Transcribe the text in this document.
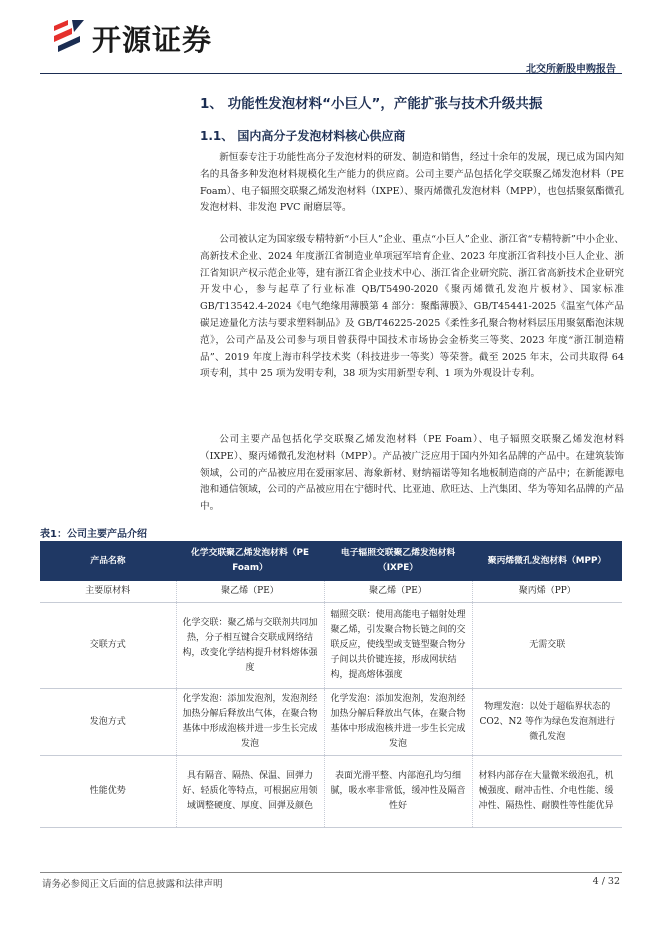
开源证券
北交所新股申购报告
1、 功能性发泡材料“小巨人”，产能扩张与技术升级共振
1.1、 国内高分子发泡材料核心供应商

新恒泰专注于功能性高分子发泡材料的研发、制造和销售，经过十余年的发展，现已成为国内知名的具备多种发泡材料规模化生产能力的供应商。公司主要产品包括化学交联聚乙烯发泡材料（PE Foam）、电子辐照交联聚乙烯发泡材料（IXPE）、聚丙烯微孔发泡材料（MPP），也包括聚氨酯微孔发泡材料、非发泡 PVC 耐磨层等。

公司被认定为国家级专精特新“小巨人”企业、重点“小巨人”企业、浙江省“专精特新”中小企业、高新技术企业、2024 年度浙江省制造业单项冠军培育企业、2023 年度浙江省科技小巨人企业、浙江省知识产权示范企业等，建有浙江省企业技术中心、浙江省企业研究院、浙江省高新技术企业研究开发中心，参与起草了行业标准 QB/T5490-2020《聚丙烯微孔发泡片板材》、国家标准 GB/T13542.4-2024《电气绝缘用薄膜第 4 部分：聚酯薄膜》、GB/T45441-2025《温室气体产品碳足迹量化方法与要求塑料制品》及 GB/T46225-2025《柔性多孔聚合物材料层压用聚氨酯泡沫规范》，公司产品及公司参与项目曾获得中国技术市场协会金桥奖三等奖、2023 年度“浙江制造精品”、2019 年度上海市科学技术奖（科技进步一等奖）等荣誉。截至 2025 年末，公司共取得 64 项专利，其中 25 项为发明专利，38 项为实用新型专利、1 项为外观设计专利。

公司主要产品包括化学交联聚乙烯发泡材料（PE Foam）、电子辐照交联聚乙烯发泡材料（IXPE）、聚丙烯微孔发泡材料（MPP）。产品被广泛应用于国内外知名品牌的产品中。在建筑装饰领域，公司的产品被应用在爱丽家居、海象新材、财纳福诺等知名地板制造商的产品中；在新能源电池和通信领域，公司的产品被应用在宁德时代、比亚迪、欣旺达、上汽集团、华为等知名品牌的产品中。

表1：公司主要产品介绍
产品名称	化学交联聚乙烯发泡材料（PE Foam）	电子辐照交联聚乙烯发泡材料（IXPE）	聚丙烯微孔发泡材料（MPP）
主要原材料	聚乙烯（PE）	聚乙烯（PE）	聚丙烯（PP）
交联方式	化学交联：聚乙烯与交联剂共同加热，分子相互键合交联成网络结构，改变化学结构提升材料熔体强度	辐照交联：使用高能电子辐射处理聚乙烯，引发聚合物长链之间的交联反应，使线型或支链型聚合物分子间以共价键连接，形成网状结构，提高熔体强度	无需交联
发泡方式	化学发泡：添加发泡剂，发泡剂经加热分解后释放出气体，在聚合物基体中形成泡核并进一步生长完成发泡	化学发泡：添加发泡剂，发泡剂经加热分解后释放出气体，在聚合物基体中形成泡核并进一步生长完成发泡	物理发泡：以处于超临界状态的 CO2、N2 等作为绿色发泡剂进行微孔发泡
性能优势	具有隔音、隔热、保温、回弹力好、轻质化等特点，可根据应用领域调整硬度、厚度、回弹及颜色	表面光滑平整、内部泡孔均匀细腻，吸水率非常低，缓冲性及隔音性好	材料内部存在大量微米级泡孔，机械强度、耐冲击性、介电性能、缓冲性、隔热性、耐膜性等性能优异
请务必参阅正文后面的信息披露和法律声明	4 / 32
